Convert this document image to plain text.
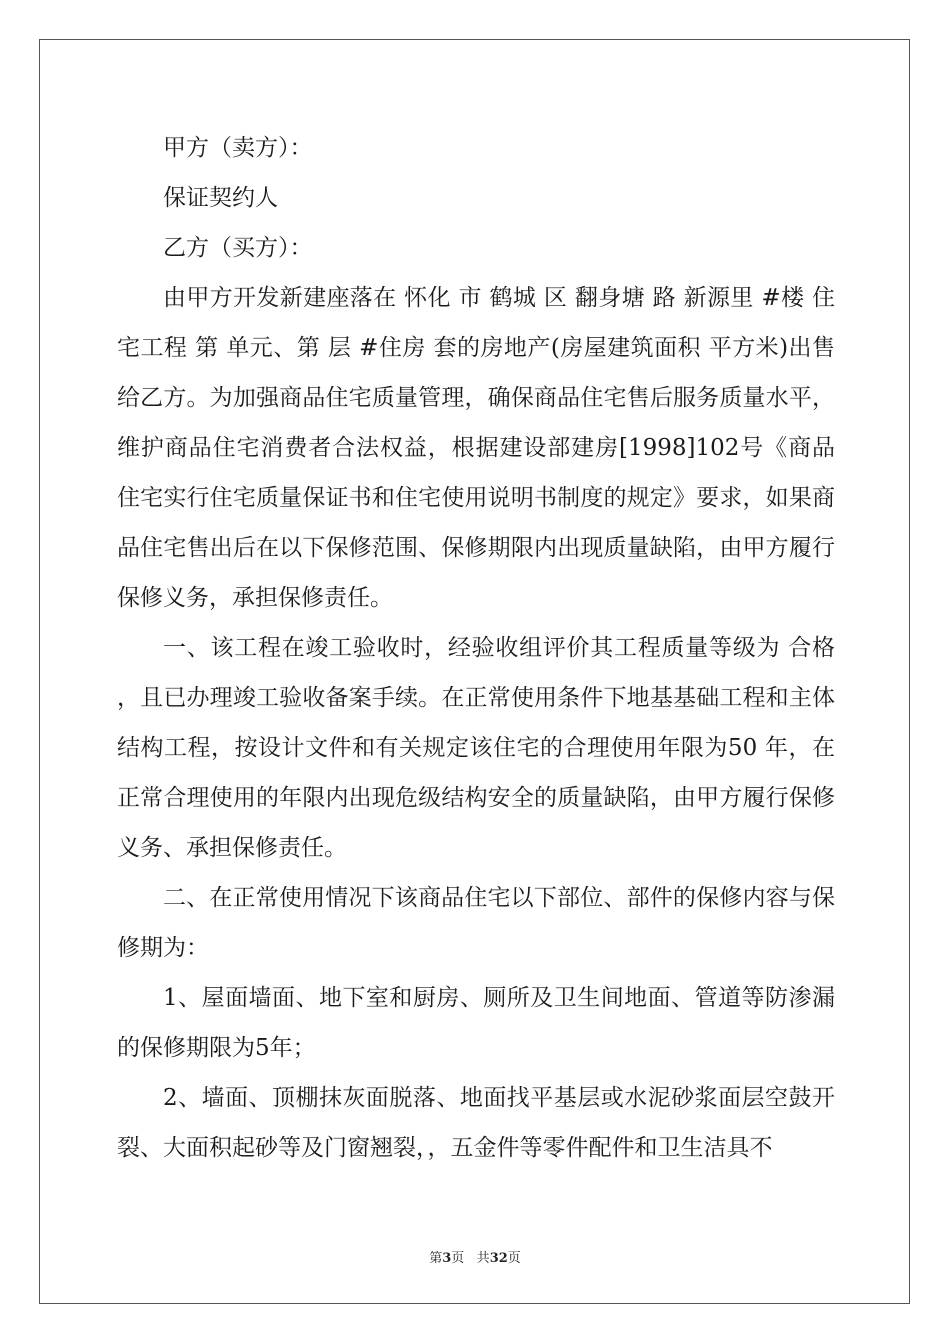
甲方（卖方）：

保证契约人

乙方（买方）：

由甲方开发新建座落在 怀化 市 鹤城 区 翻身塘 路 新源里 #楼 住宅工程 第 单元、第 层 #住房 套的房地产(房屋建筑面积 平方米)出售给乙方。为加强商品住宅质量管理，确保商品住宅售后服务质量水平，维护商品住宅消费者合法权益，根据建设部建房[1998]102号《商品住宅实行住宅质量保证书和住宅使用说明书制度的规定》要求，如果商品住宅售出后在以下保修范围、保修期限内出现质量缺陷，由甲方履行保修义务，承担保修责任。

一、该工程在竣工验收时，经验收组评价其工程质量等级为 合格 ，且已办理竣工验收备案手续。在正常使用条件下地基基础工程和主体结构工程，按设计文件和有关规定该住宅的合理使用年限为50 年，在正常合理使用的年限内出现危级结构安全的质量缺陷，由甲方履行保修义务、承担保修责任。

二、在正常使用情况下该商品住宅以下部位、部件的保修内容与保修期为：

1、屋面墙面、地下室和厨房、厕所及卫生间地面、管道等防渗漏的保修期限为5年；

2、墙面、顶棚抹灰面脱落、地面找平基层或水泥砂浆面层空鼓开裂、大面积起砂等及门窗翘裂，，五金件等零件配件和卫生洁具不

第3页 共32页
